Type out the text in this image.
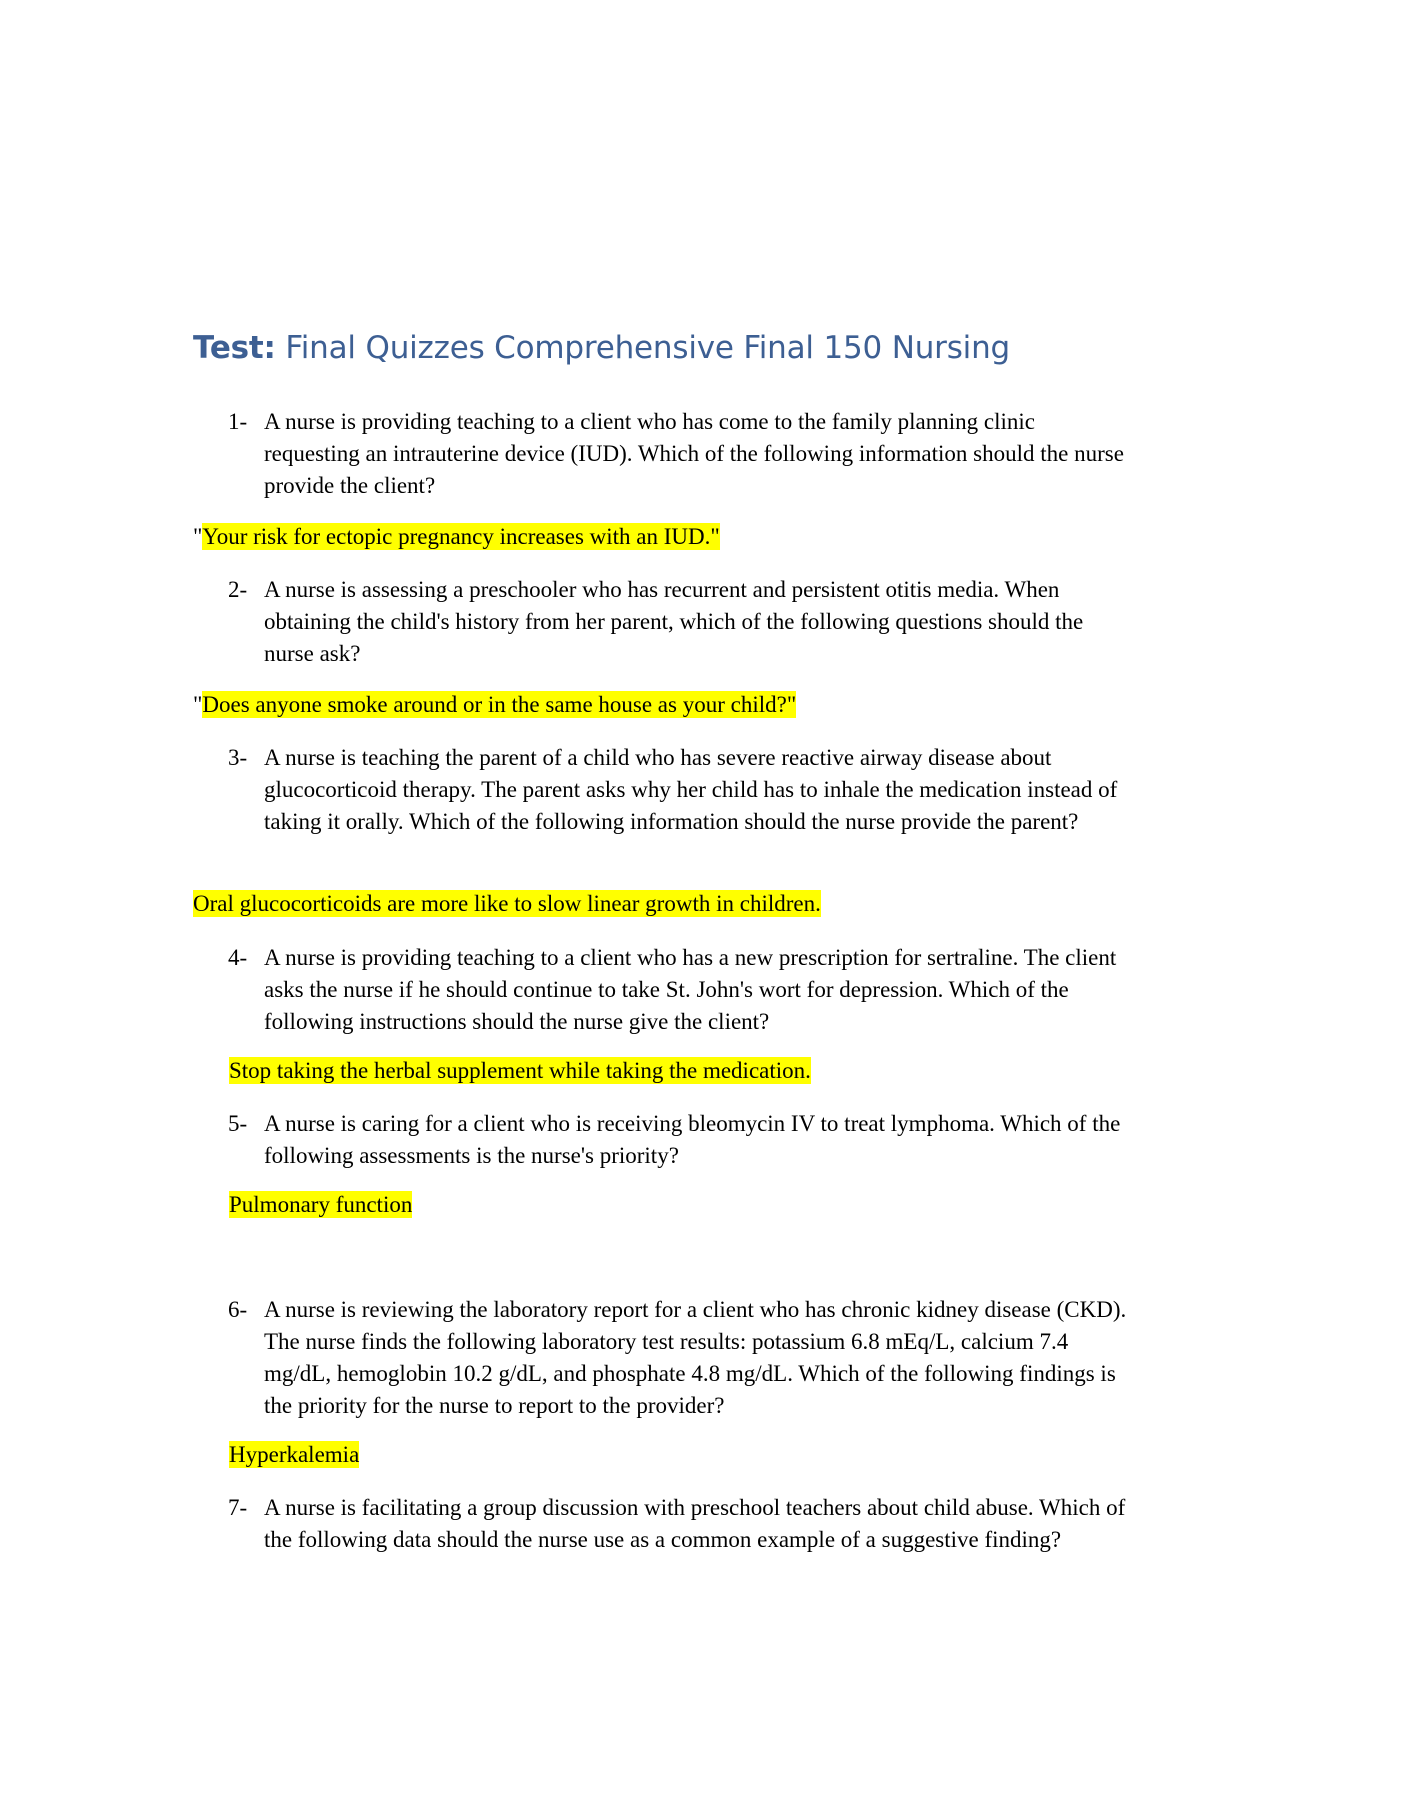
Test: Final Quizzes Comprehensive Final 150 Nursing
1- A nurse is providing teaching to a client who has come to the family planning clinic requesting an intrauterine device (IUD). Which of the following information should the nurse provide the client?
"Your risk for ectopic pregnancy increases with an IUD."
2- A nurse is assessing a preschooler who has recurrent and persistent otitis media. When obtaining the child's history from her parent, which of the following questions should the nurse ask?
"Does anyone smoke around or in the same house as your child?"
3- A nurse is teaching the parent of a child who has severe reactive airway disease about glucocorticoid therapy. The parent asks why her child has to inhale the medication instead of taking it orally. Which of the following information should the nurse provide the parent?
Oral glucocorticoids are more like to slow linear growth in children.
4- A nurse is providing teaching to a client who has a new prescription for sertraline. The client asks the nurse if he should continue to take St. John's wort for depression. Which of the following instructions should the nurse give the client?
Stop taking the herbal supplement while taking the medication.
5- A nurse is caring for a client who is receiving bleomycin IV to treat lymphoma. Which of the following assessments is the nurse's priority?
Pulmonary function
6- A nurse is reviewing the laboratory report for a client who has chronic kidney disease (CKD). The nurse finds the following laboratory test results: potassium 6.8 mEq/L, calcium 7.4 mg/dL, hemoglobin 10.2 g/dL, and phosphate 4.8 mg/dL. Which of the following findings is the priority for the nurse to report to the provider?
Hyperkalemia
7- A nurse is facilitating a group discussion with preschool teachers about child abuse. Which of the following data should the nurse use as a common example of a suggestive finding?
